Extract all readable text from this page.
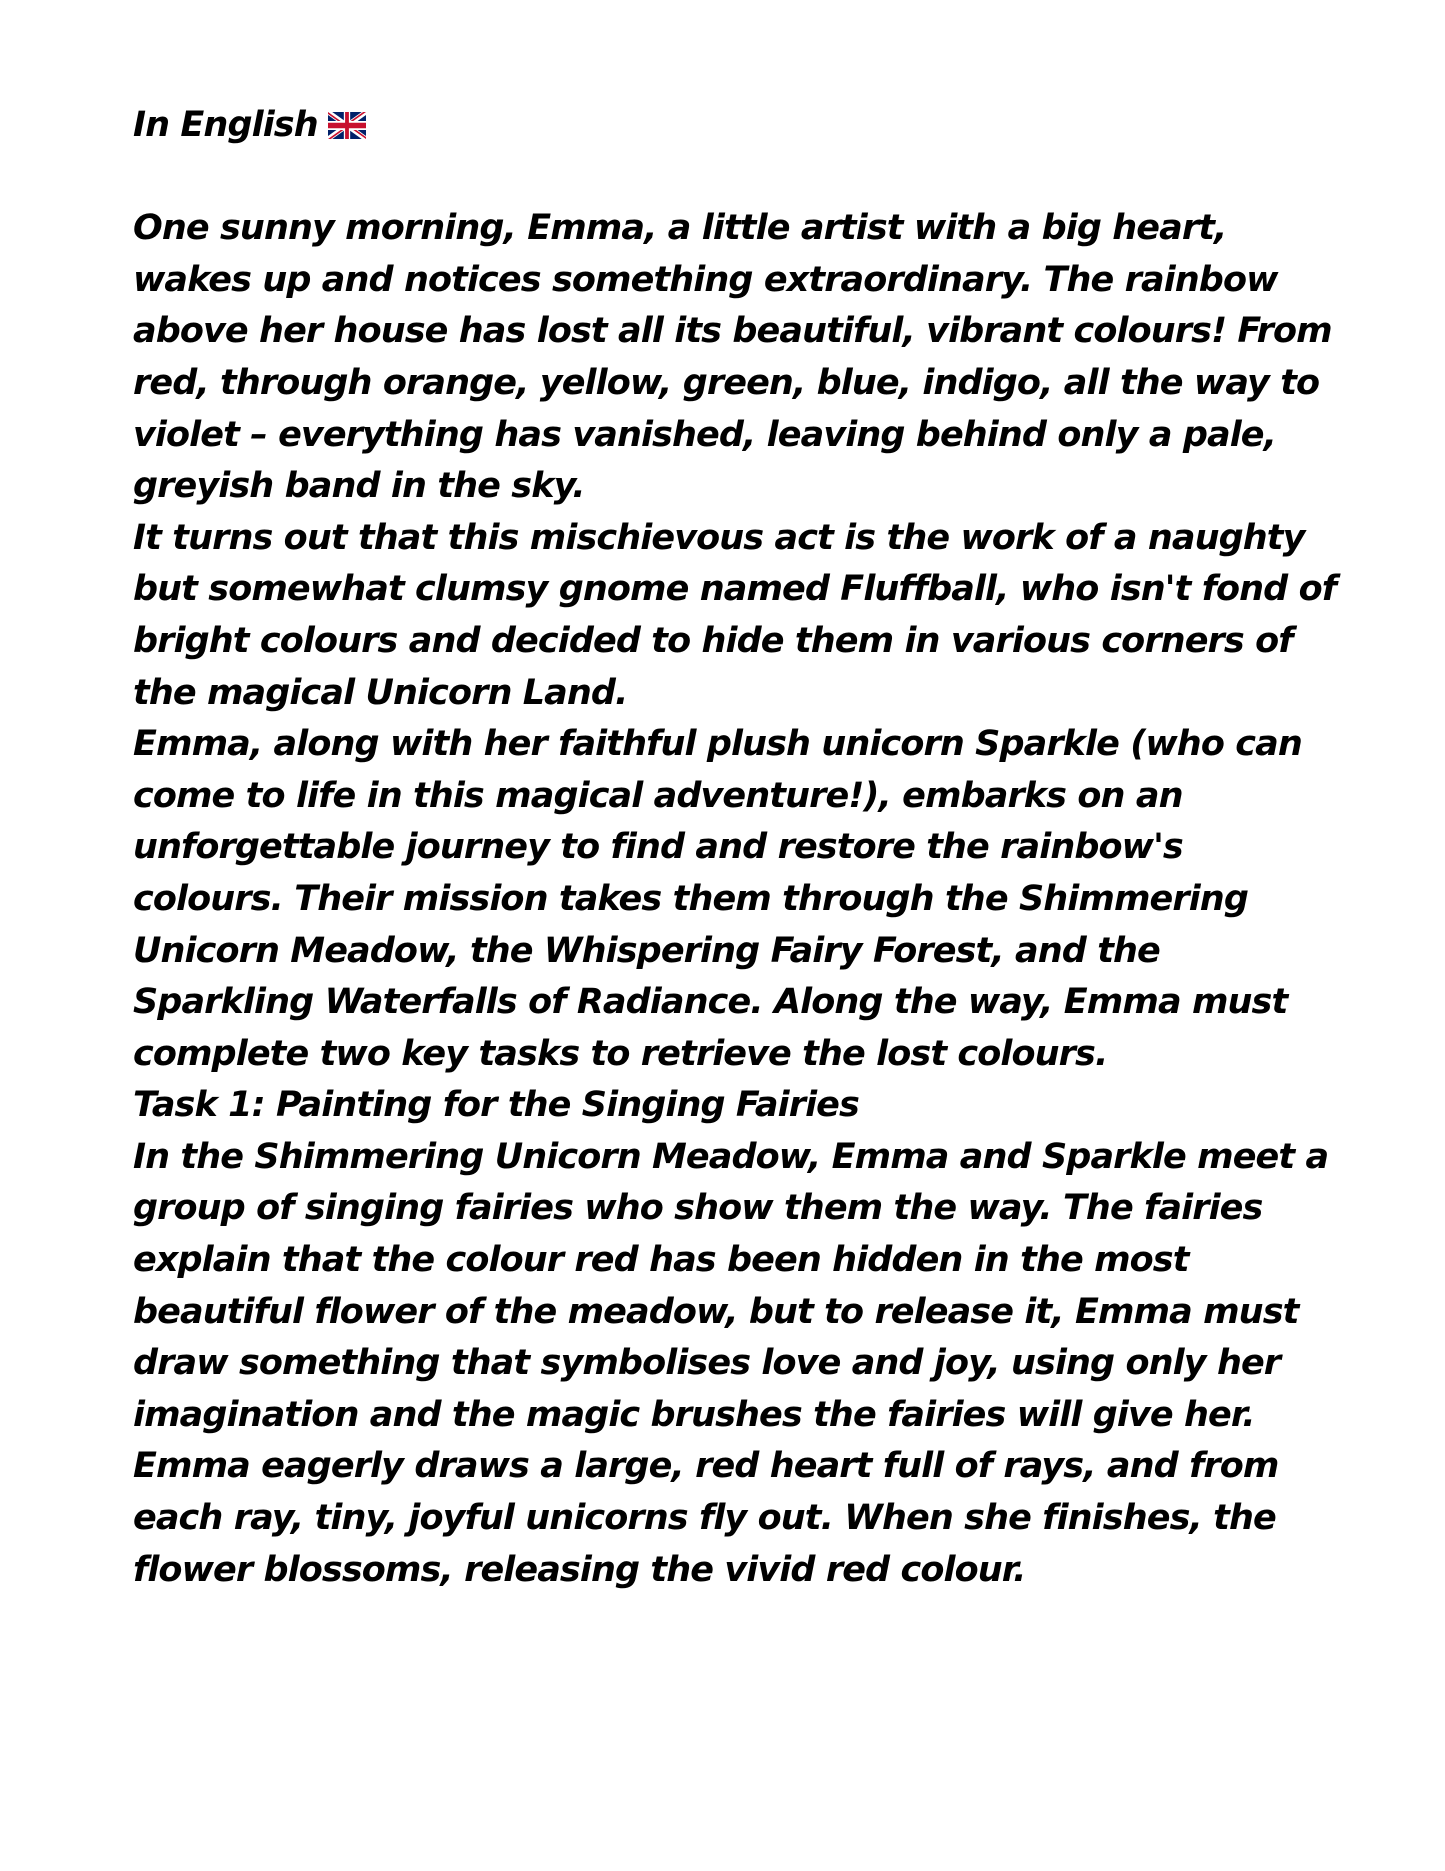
In English
One sunny morning, Emma, a little artist with a big heart,
wakes up and notices something extraordinary. The rainbow
above her house has lost all its beautiful, vibrant colours! From
red, through orange, yellow, green, blue, indigo, all the way to
violet – everything has vanished, leaving behind only a pale,
greyish band in the sky.
It turns out that this mischievous act is the work of a naughty
but somewhat clumsy gnome named Fluffball, who isn't fond of
bright colours and decided to hide them in various corners of
the magical Unicorn Land.
Emma, along with her faithful plush unicorn Sparkle (who can
come to life in this magical adventure!), embarks on an
unforgettable journey to find and restore the rainbow's
colours. Their mission takes them through the Shimmering
Unicorn Meadow, the Whispering Fairy Forest, and the
Sparkling Waterfalls of Radiance. Along the way, Emma must
complete two key tasks to retrieve the lost colours.
Task 1: Painting for the Singing Fairies
In the Shimmering Unicorn Meadow, Emma and Sparkle meet a
group of singing fairies who show them the way. The fairies
explain that the colour red has been hidden in the most
beautiful flower of the meadow, but to release it, Emma must
draw something that symbolises love and joy, using only her
imagination and the magic brushes the fairies will give her.
Emma eagerly draws a large, red heart full of rays, and from
each ray, tiny, joyful unicorns fly out. When she finishes, the
flower blossoms, releasing the vivid red colour.
